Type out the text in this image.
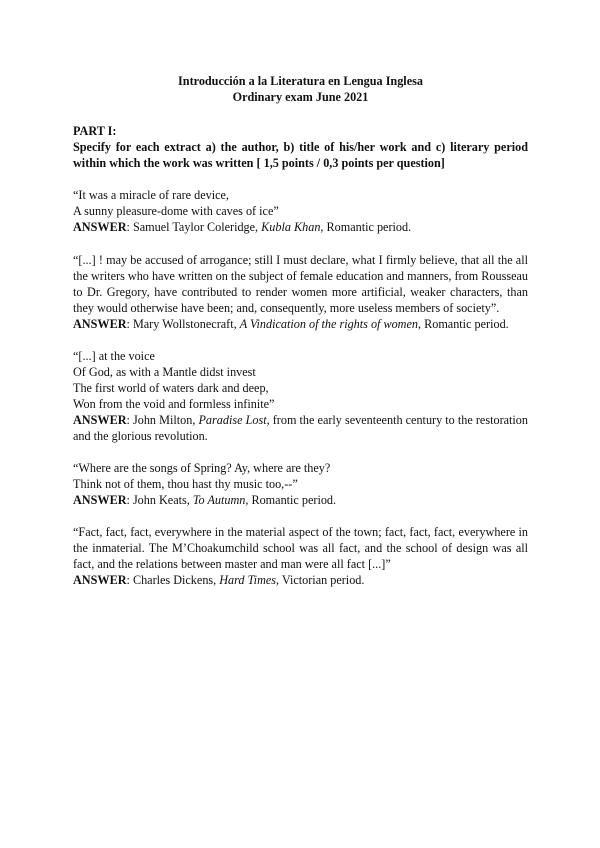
Introducción a la Literatura en Lengua Inglesa
Ordinary exam June 2021
PART I:
Specify for each extract a) the author, b) title of his/her work and c) literary period
within which the work was written [ 1,5 points / 0,3 points per question]
“It was a miracle of rare device,
A sunny pleasure-dome with caves of ice”
ANSWER: Samuel Taylor Coleridge, Kubla Khan, Romantic period.
“[...] ! may be accused of arrogance; still I must declare, what I firmly believe, that all the all
the writers who have written on the subject of female education and manners, from Rousseau
to Dr. Gregory, have contributed to render women more artificial, weaker characters, than
they would otherwise have been; and, consequently, more useless members of society”.
ANSWER: Mary Wollstonecraft, A Vindication of the rights of women, Romantic period.
“[...] at the voice
Of God, as with a Mantle didst invest
The first world of waters dark and deep,
Won from the void and formless infinite”
ANSWER: John Milton, Paradise Lost, from the early seventeenth century to the restoration
and the glorious revolution.
“Where are the songs of Spring? Ay, where are they?
Think not of them, thou hast thy music too,--”
ANSWER: John Keats, To Autumn, Romantic period.
“Fact, fact, fact, everywhere in the material aspect of the town; fact, fact, fact, everywhere in
the inmaterial. The M’Choakumchild school was all fact, and the school of design was all
fact, and the relations between master and man were all fact [...]”
ANSWER: Charles Dickens, Hard Times, Victorian period.
